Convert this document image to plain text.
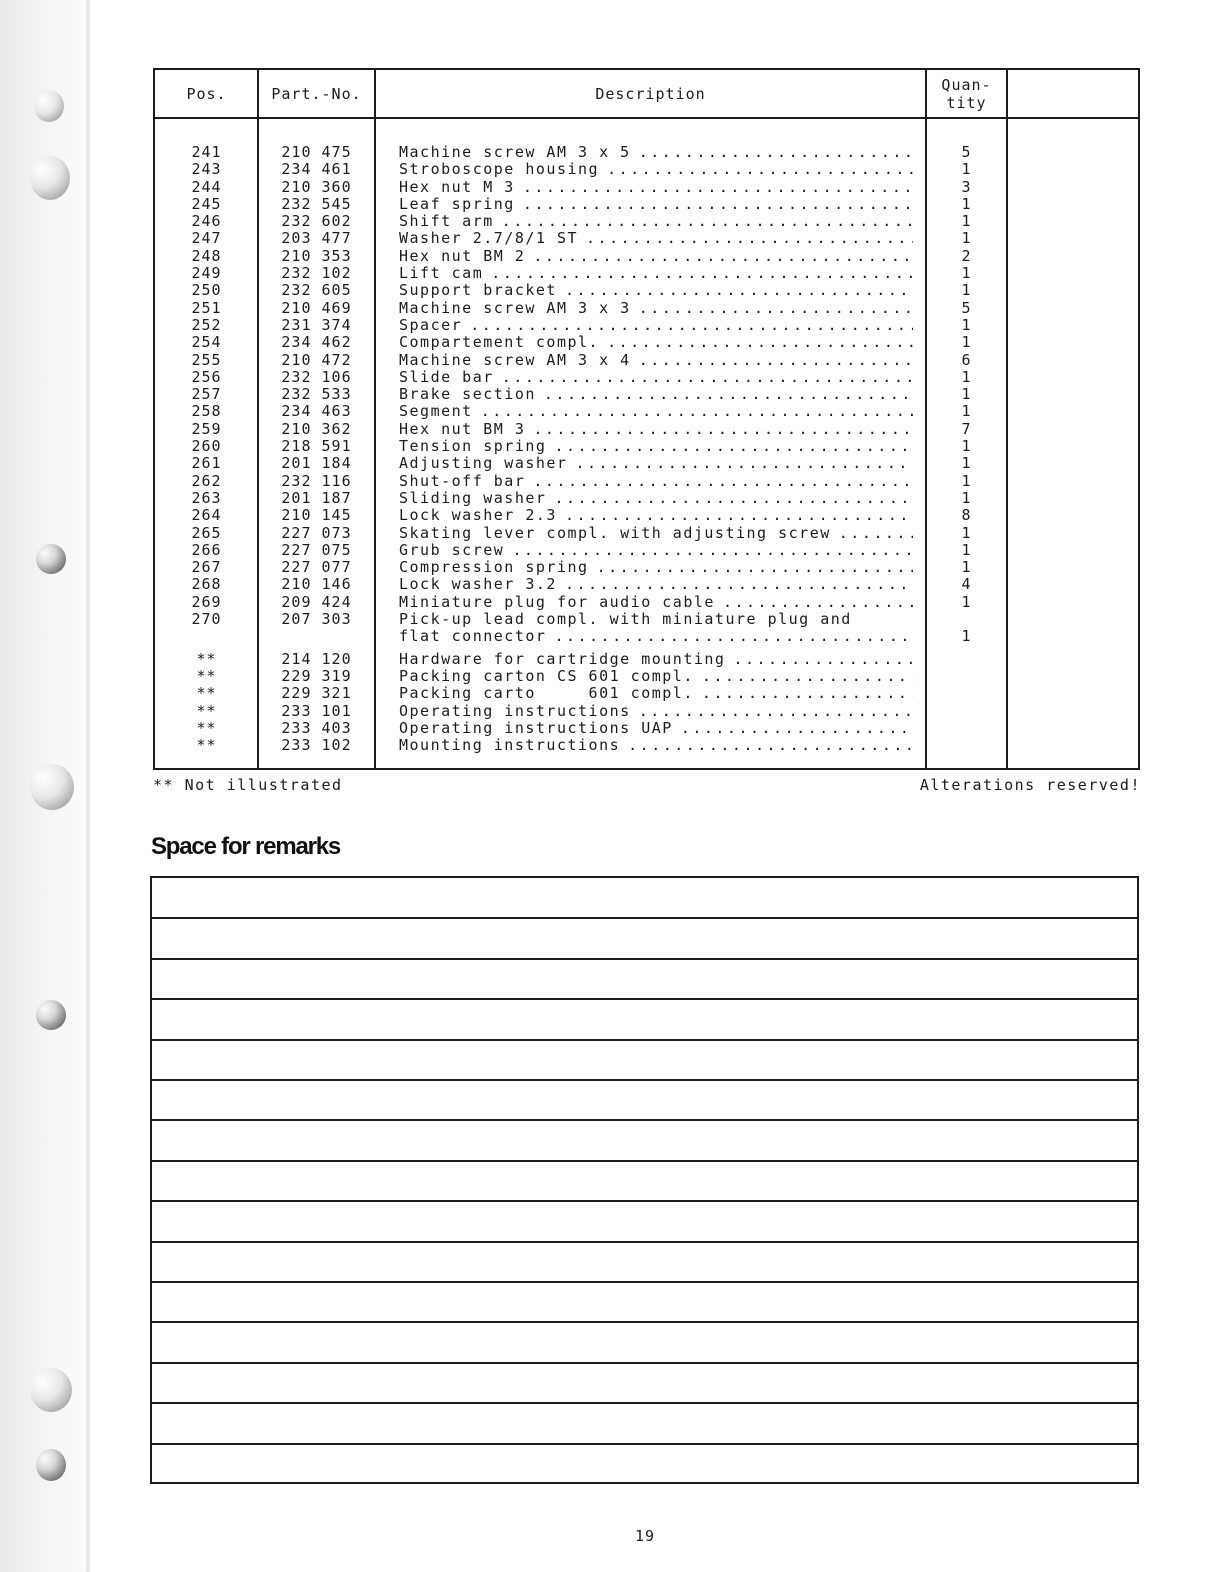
Pos.	Part.-No.	Description	Quan-
tity
241	210 475	Machine screw AM 3 x 5 .....	5
243	234 461	Stroboscope housing .....	1
244	210 360	Hex nut M 3 .....	3
245	232 545	Leaf spring .....	1
246	232 602	Shift arm .....	1
247	203 477	Washer 2.7/8/1 ST .....	1
248	210 353	Hex nut BM 2 .....	2
249	232 102	Lift cam .....	1
250	232 605	Support bracket .....	1
251	210 469	Machine screw AM 3 x 3 .....	5
252	231 374	Spacer .....	1
254	234 462	Compartement compl. .....	1
255	210 472	Machine screw AM 3 x 4 .....	6
256	232 106	Slide bar .....	1
257	232 533	Brake section .....	1
258	234 463	Segment .....	1
259	210 362	Hex nut BM 3 .....	7
260	218 591	Tension spring .....	1
261	201 184	Adjusting washer .....	1
262	232 116	Shut-off bar .....	1
263	201 187	Sliding washer .....	1
264	210 145	Lock washer 2.3 .....	8
265	227 073	Skating lever compl. with adjusting screw .....	1
266	227 075	Grub screw .....	1
267	227 077	Compression spring .....	1
268	210 146	Lock washer 3.2 .....	4
269	209 424	Miniature plug for audio cable .....	1
270	207 303	Pick-up lead compl. with miniature plug and
flat connector .....	1
**	214 120	Hardware for cartridge mounting
.....
**	229 319	Packing carton CS 601 compl.
.....
**	229 321	Packing carto     601 compl.
.....
**	233 101	Operating instructions
.....
**	233 403	Operating instructions UAP
.....
**	233 102	Mounting instructions
.....
** Not illustrated	Alterations reserved!
Space for remarks
19
